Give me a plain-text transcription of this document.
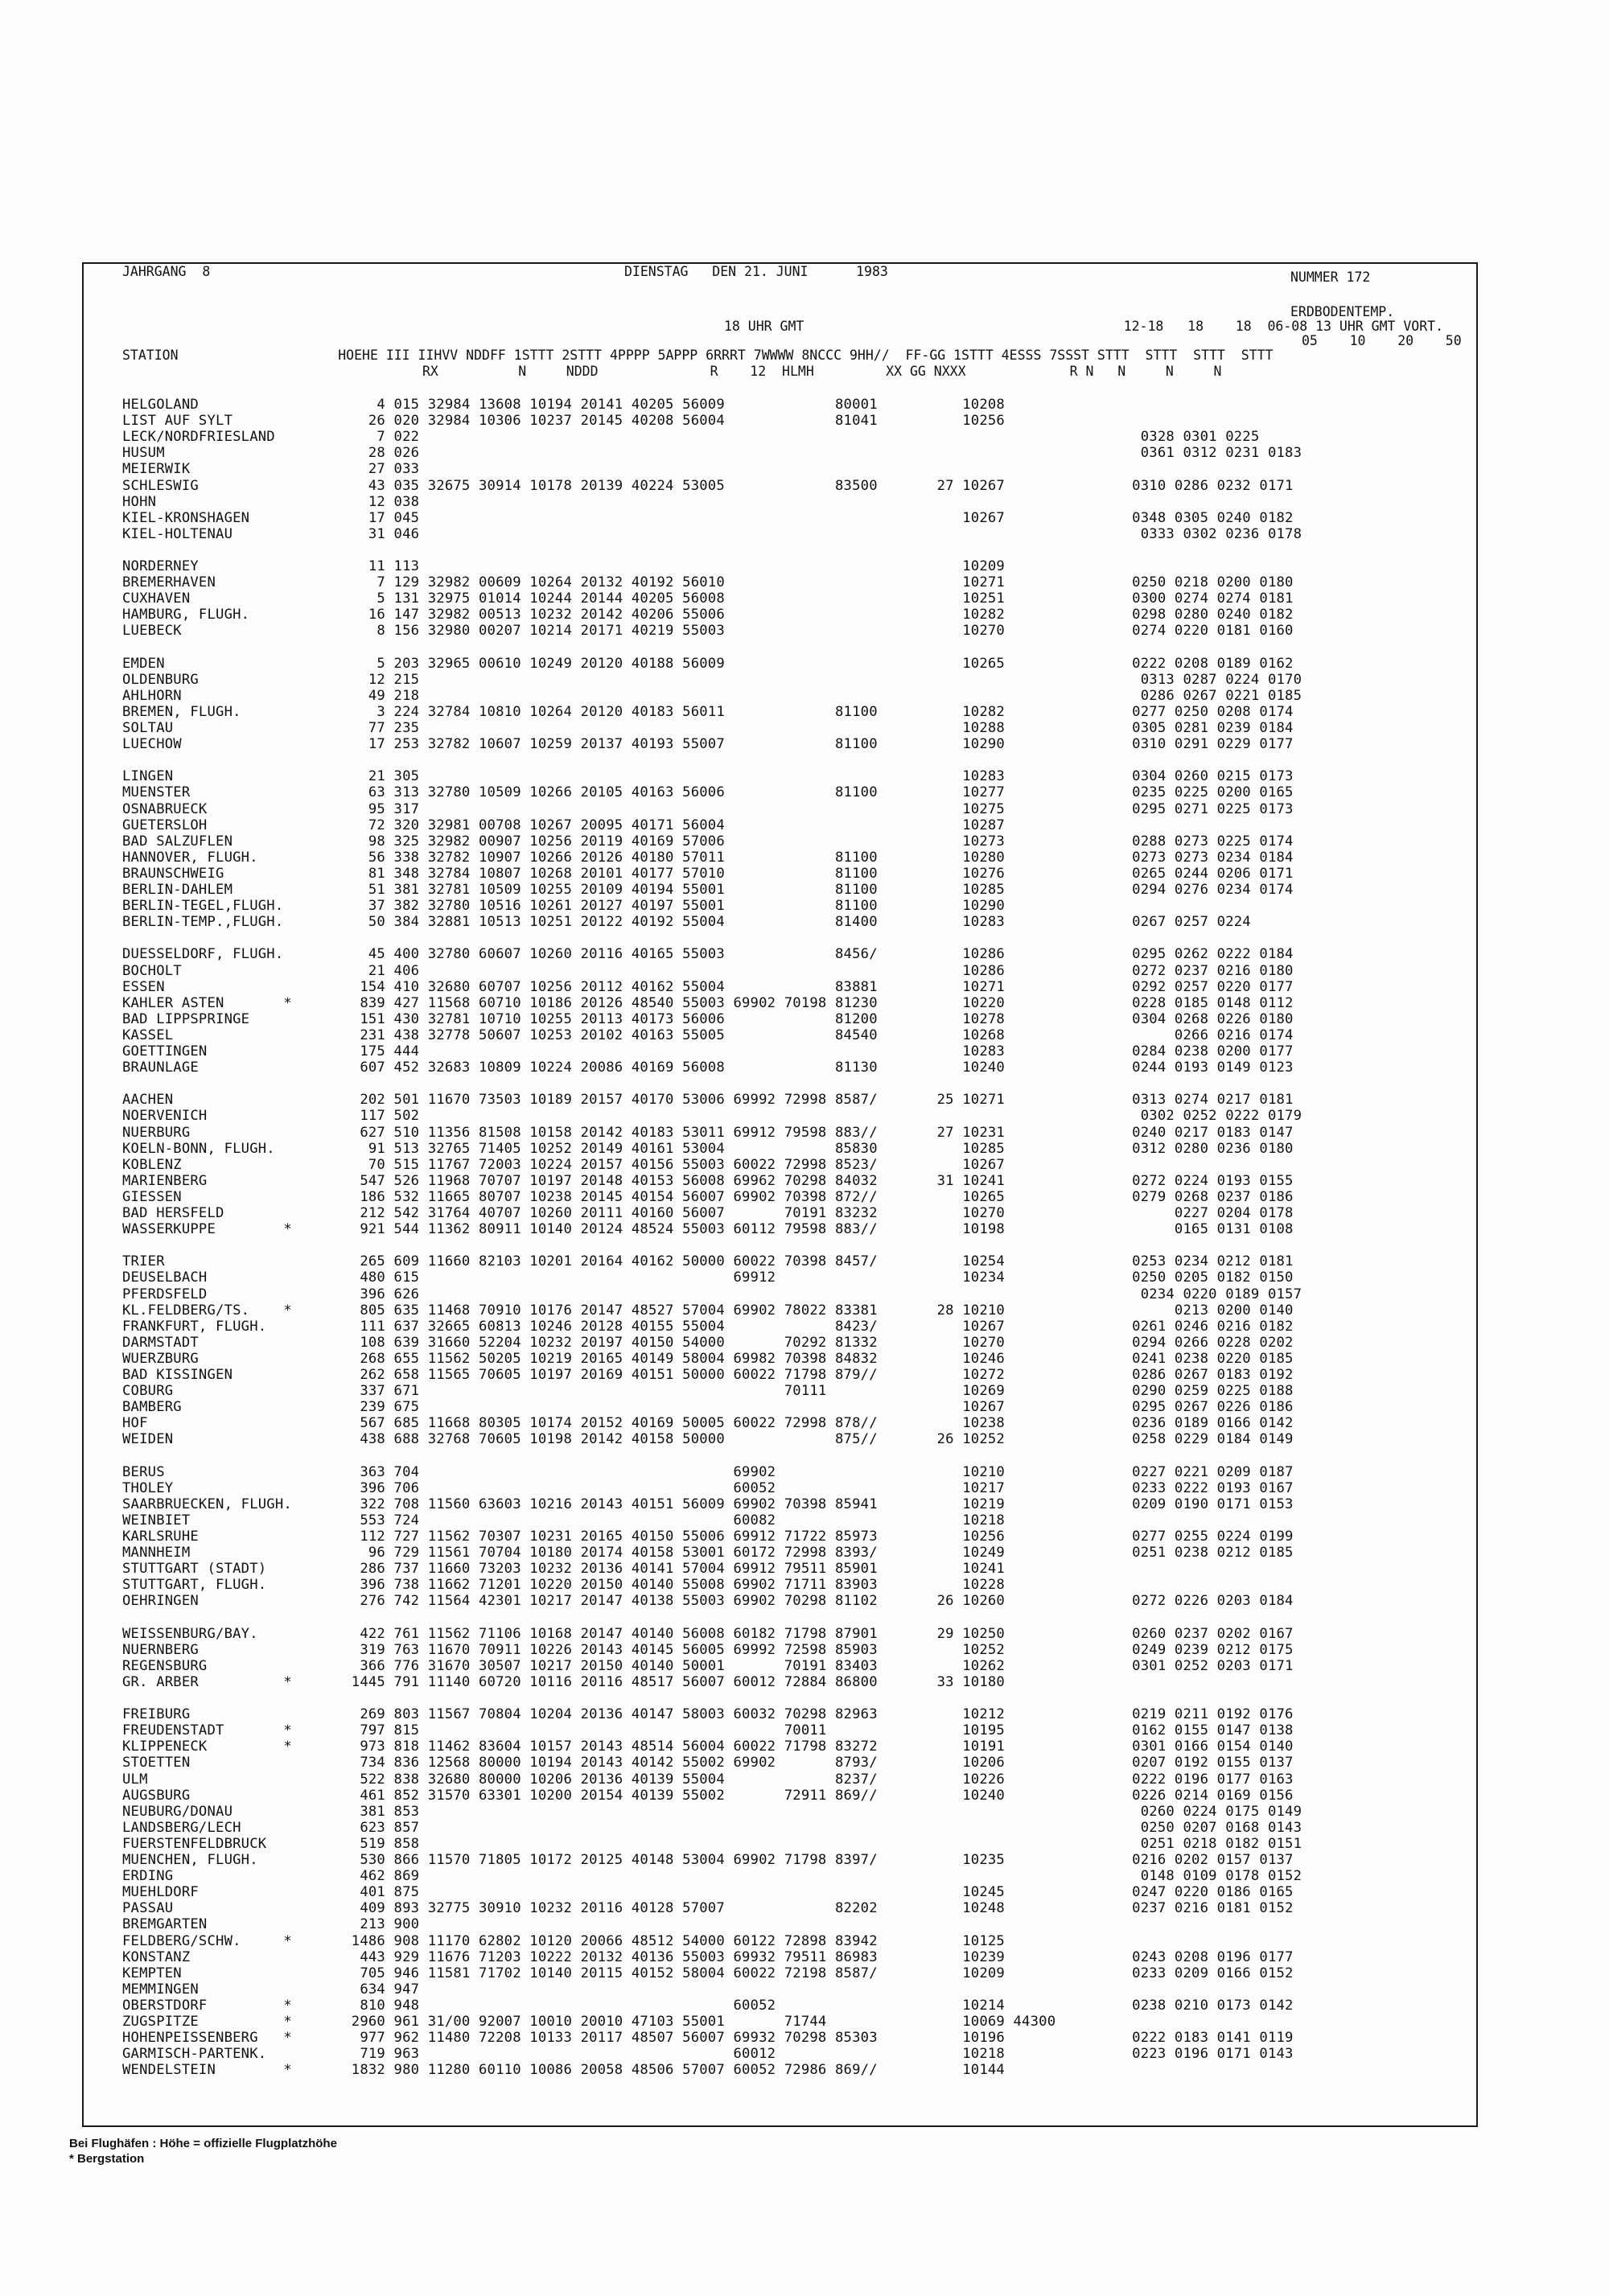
JAHRGANG  8	DIENSTAG   DEN 21. JUNI      1983	NUMMER 172
ERDBODENTEMP.
18 UHR GMT                                        12-18   18    18  06-08 13 UHR GMT VORT.
05    10    20    50
STATION                    HOEHE III IIHVV NDDFF 1STTT 2STTT 4PPPP 5APPP 6RRRT 7WWWW 8NCCC 9HH//  FF-GG 1STTT 4ESSS 7SSST STTT  STTT  STTT  STTT
RX          N     NDDD              R    12  HLMH         XX GG NXXX             R N   N     N     N
HELGOLAND                     4 015 32984 13608 10194 20141 40205 56009             80001          10208
LIST AUF SYLT                26 020 32984 10306 10237 20145 40208 56004             81041          10256
LECK/NORDFRIESLAND            7 022                                                                                     0328 0301 0225
HUSUM                        28 026                                                                                     0361 0312 0231 0183
MEIERWIK                     27 033
SCHLESWIG                    43 035 32675 30914 10178 20139 40224 53005             83500       27 10267               0310 0286 0232 0171
HOHN                         12 038
KIEL-KRONSHAGEN              17 045                                                                10267               0348 0305 0240 0182
KIEL-HOLTENAU                31 046                                                                                     0333 0302 0236 0178
NORDERNEY                    11 113                                                                10209
BREMERHAVEN                   7 129 32982 00609 10264 20132 40192 56010                            10271               0250 0218 0200 0180
CUXHAVEN                      5 131 32975 01014 10244 20144 40205 56008                            10251               0300 0274 0274 0181
HAMBURG, FLUGH.              16 147 32982 00513 10232 20142 40206 55006                            10282               0298 0280 0240 0182
LUEBECK                       8 156 32980 00207 10214 20171 40219 55003                            10270               0274 0220 0181 0160
EMDEN                         5 203 32965 00610 10249 20120 40188 56009                            10265               0222 0208 0189 0162
OLDENBURG                    12 215                                                                                     0313 0287 0224 0170
AHLHORN                      49 218                                                                                     0286 0267 0221 0185
BREMEN, FLUGH.                3 224 32784 10810 10264 20120 40183 56011             81100          10282               0277 0250 0208 0174
SOLTAU                       77 235                                                                10288               0305 0281 0239 0184
LUECHOW                      17 253 32782 10607 10259 20137 40193 55007             81100          10290               0310 0291 0229 0177
LINGEN                       21 305                                                                10283               0304 0260 0215 0173
MUENSTER                     63 313 32780 10509 10266 20105 40163 56006             81100          10277               0235 0225 0200 0165
OSNABRUECK                   95 317                                                                10275               0295 0271 0225 0173
GUETERSLOH                   72 320 32981 00708 10267 20095 40171 56004                            10287
BAD SALZUFLEN                98 325 32982 00907 10256 20119 40169 57006                            10273               0288 0273 0225 0174
HANNOVER, FLUGH.             56 338 32782 10907 10266 20126 40180 57011             81100          10280               0273 0273 0234 0184
BRAUNSCHWEIG                 81 348 32784 10807 10268 20101 40177 57010             81100          10276               0265 0244 0206 0171
BERLIN-DAHLEM                51 381 32781 10509 10255 20109 40194 55001             81100          10285               0294 0276 0234 0174
BERLIN-TEGEL,FLUGH.          37 382 32780 10516 10261 20127 40197 55001             81100          10290
BERLIN-TEMP.,FLUGH.          50 384 32881 10513 10251 20122 40192 55004             81400          10283               0267 0257 0224
DUESSELDORF, FLUGH.          45 400 32780 60607 10260 20116 40165 55003             8456/          10286               0295 0262 0222 0184
BOCHOLT                      21 406                                                                10286               0272 0237 0216 0180
ESSEN                       154 410 32680 60707 10256 20112 40162 55004             83881          10271               0292 0257 0220 0177
KAHLER ASTEN       *        839 427 11568 60710 10186 20126 48540 55003 69902 70198 81230          10220               0228 0185 0148 0112
BAD LIPPSPRINGE             151 430 32781 10710 10255 20113 40173 56006             81200          10278               0304 0268 0226 0180
KASSEL                      231 438 32778 50607 10253 20102 40163 55005             84540          10268                    0266 0216 0174
GOETTINGEN                  175 444                                                                10283               0284 0238 0200 0177
BRAUNLAGE                   607 452 32683 10809 10224 20086 40169 56008             81130          10240               0244 0193 0149 0123
AACHEN                      202 501 11670 73503 10189 20157 40170 53006 69992 72998 8587/       25 10271               0313 0274 0217 0181
NOERVENICH                  117 502                                                                                     0302 0252 0222 0179
NUERBURG                    627 510 11356 81508 10158 20142 40183 53011 69912 79598 883//       27 10231               0240 0217 0183 0147
KOELN-BONN, FLUGH.           91 513 32765 71405 10252 20149 40161 53004             85830          10285               0312 0280 0236 0180
KOBLENZ                      70 515 11767 72003 10224 20157 40156 55003 60022 72998 8523/          10267
MARIENBERG                  547 526 11968 70707 10197 20148 40153 56008 69962 70298 84032       31 10241               0272 0224 0193 0155
GIESSEN                     186 532 11665 80707 10238 20145 40154 56007 69902 70398 872//          10265               0279 0268 0237 0186
BAD HERSFELD                212 542 31764 40707 10260 20111 40160 56007       70191 83232          10270                    0227 0204 0178
WASSERKUPPE        *        921 544 11362 80911 10140 20124 48524 55003 60112 79598 883//          10198                    0165 0131 0108
TRIER                       265 609 11660 82103 10201 20164 40162 50000 60022 70398 8457/          10254               0253 0234 0212 0181
DEUSELBACH                  480 615                                     69912                      10234               0250 0205 0182 0150
PFERDSFELD                  396 626                                                                                     0234 0220 0189 0157
KL.FELDBERG/TS.    *        805 635 11468 70910 10176 20147 48527 57004 69902 78022 83381       28 10210                    0213 0200 0140
FRANKFURT, FLUGH.           111 637 32665 60813 10246 20128 40155 55004             8423/          10267               0261 0246 0216 0182
DARMSTADT                   108 639 31660 52204 10232 20197 40150 54000       70292 81332          10270               0294 0266 0228 0202
WUERZBURG                   268 655 11562 50205 10219 20165 40149 58004 69982 70398 84832          10246               0241 0238 0220 0185
BAD KISSINGEN               262 658 11565 70605 10197 20169 40151 50000 60022 71798 879//          10272               0286 0267 0183 0192
COBURG                      337 671                                           70111                10269               0290 0259 0225 0188
BAMBERG                     239 675                                                                10267               0295 0267 0226 0186
HOF                         567 685 11668 80305 10174 20152 40169 50005 60022 72998 878//          10238               0236 0189 0166 0142
WEIDEN                      438 688 32768 70605 10198 20142 40158 50000             875//       26 10252               0258 0229 0184 0149
BERUS                       363 704                                     69902                      10210               0227 0221 0209 0187
THOLEY                      396 706                                     60052                      10217               0233 0222 0193 0167
SAARBRUECKEN, FLUGH.        322 708 11560 63603 10216 20143 40151 56009 69902 70398 85941          10219               0209 0190 0171 0153
WEINBIET                    553 724                                     60082                      10218
KARLSRUHE                   112 727 11562 70307 10231 20165 40150 55006 69912 71722 85973          10256               0277 0255 0224 0199
MANNHEIM                     96 729 11561 70704 10180 20174 40158 53001 60172 72998 8393/          10249               0251 0238 0212 0185
STUTTGART (STADT)           286 737 11660 73203 10232 20136 40141 57004 69912 79511 85901          10241
STUTTGART, FLUGH.           396 738 11662 71201 10220 20150 40140 55008 69902 71711 83903          10228
OEHRINGEN                   276 742 11564 42301 10217 20147 40138 55003 69902 70298 81102       26 10260               0272 0226 0203 0184
WEISSENBURG/BAY.            422 761 11562 71106 10168 20147 40140 56008 60182 71798 87901       29 10250               0260 0237 0202 0167
NUERNBERG                   319 763 11670 70911 10226 20143 40145 56005 69992 72598 85903          10252               0249 0239 0212 0175
REGENSBURG                  366 776 31670 30507 10217 20150 40140 50001       70191 83403          10262               0301 0252 0203 0171
GR. ARBER          *       1445 791 11140 60720 10116 20116 48517 56007 60012 72884 86800       33 10180
FREIBURG                    269 803 11567 70804 10204 20136 40147 58003 60032 70298 82963          10212               0219 0211 0192 0176
FREUDENSTADT       *        797 815                                           70011                10195               0162 0155 0147 0138
KLIPPENECK         *        973 818 11462 83604 10157 20143 48514 56004 60022 71798 83272          10191               0301 0166 0154 0140
STOETTEN                    734 836 12568 80000 10194 20143 40142 55002 69902       8793/          10206               0207 0192 0155 0137
ULM                         522 838 32680 80000 10206 20136 40139 55004             8237/          10226               0222 0196 0177 0163
AUGSBURG                    461 852 31570 63301 10200 20154 40139 55002       72911 869//          10240               0226 0214 0169 0156
NEUBURG/DONAU               381 853                                                                                     0260 0224 0175 0149
LANDSBERG/LECH              623 857                                                                                     0250 0207 0168 0143
FUERSTENFELDBRUCK           519 858                                                                                     0251 0218 0182 0151
MUENCHEN, FLUGH.            530 866 11570 71805 10172 20125 40148 53004 69902 71798 8397/          10235               0216 0202 0157 0137
ERDING                      462 869                                                                                     0148 0109 0178 0152
MUEHLDORF                   401 875                                                                10245               0247 0220 0186 0165
PASSAU                      409 893 32775 30910 10232 20116 40128 57007             82202          10248               0237 0216 0181 0152
BREMGARTEN                  213 900
FELDBERG/SCHW.     *       1486 908 11170 62802 10120 20066 48512 54000 60122 72898 83942          10125
KONSTANZ                    443 929 11676 71203 10222 20132 40136 55003 69932 79511 86983          10239               0243 0208 0196 0177
KEMPTEN                     705 946 11581 71702 10140 20115 40152 58004 60022 72198 8587/          10209               0233 0209 0166 0152
MEMMINGEN                   634 947
OBERSTDORF         *        810 948                                     60052                      10214               0238 0210 0173 0142
ZUGSPITZE          *       2960 961 31/00 92007 10010 20010 47103 55001       71744                10069 44300
HOHENPEISSENBERG   *        977 962 11480 72208 10133 20117 48507 56007 69932 70298 85303          10196               0222 0183 0141 0119
GARMISCH-PARTENK.           719 963                                     60012                      10218               0223 0196 0171 0143
WENDELSTEIN        *       1832 980 11280 60110 10086 20058 48506 57007 60052 72986 869//          10144
Bei Flughäfen : Höhe = offizielle Flugplatzhöhe
* Bergstation
